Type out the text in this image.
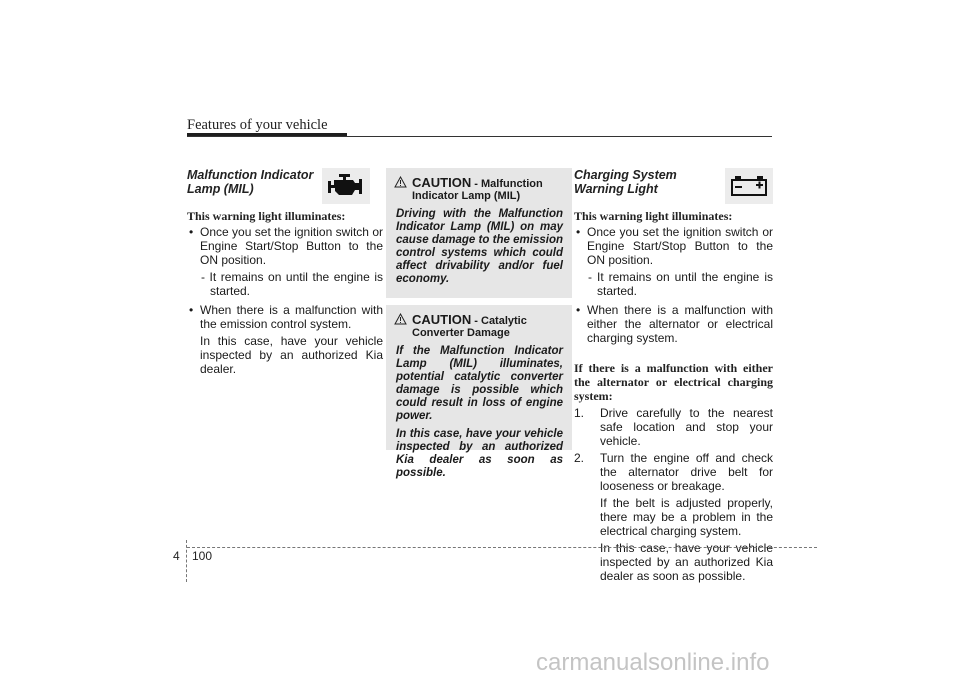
Features of your vehicle
Malfunction Indicator Lamp (MIL)
This warning light illuminates:
• Once you set the ignition switch or Engine Start/Stop Button to the ON position.
- It remains on until the engine is started.
• When there is a malfunction with the emission control system.
In this case, have your vehicle inspected by an authorized Kia dealer.
CAUTION - Malfunction Indicator Lamp (MIL)
Driving with the Malfunction Indicator Lamp (MIL) on may cause damage to the emission control systems which could affect drivability and/or fuel economy.
CAUTION - Catalytic Converter Damage
If the Malfunction Indicator Lamp (MIL) illuminates, potential catalytic converter damage is possible which could result in loss of engine power.
In this case, have your vehicle inspected by an authorized Kia dealer as soon as possible.
Charging System Warning Light
This warning light illuminates:
• Once you set the ignition switch or Engine Start/Stop Button to the ON position.
- It remains on until the engine is started.
• When there is a malfunction with either the alternator or electrical charging system.
If there is a malfunction with either the alternator or electrical charging system:
1. Drive carefully to the nearest safe location and stop your vehicle.
2. Turn the engine off and check the alternator drive belt for looseness or breakage.
If the belt is adjusted properly, there may be a problem in the electrical charging system.
In this case, have your vehicle inspected by an authorized Kia dealer as soon as possible.
4 100
carmanualsonline.info
